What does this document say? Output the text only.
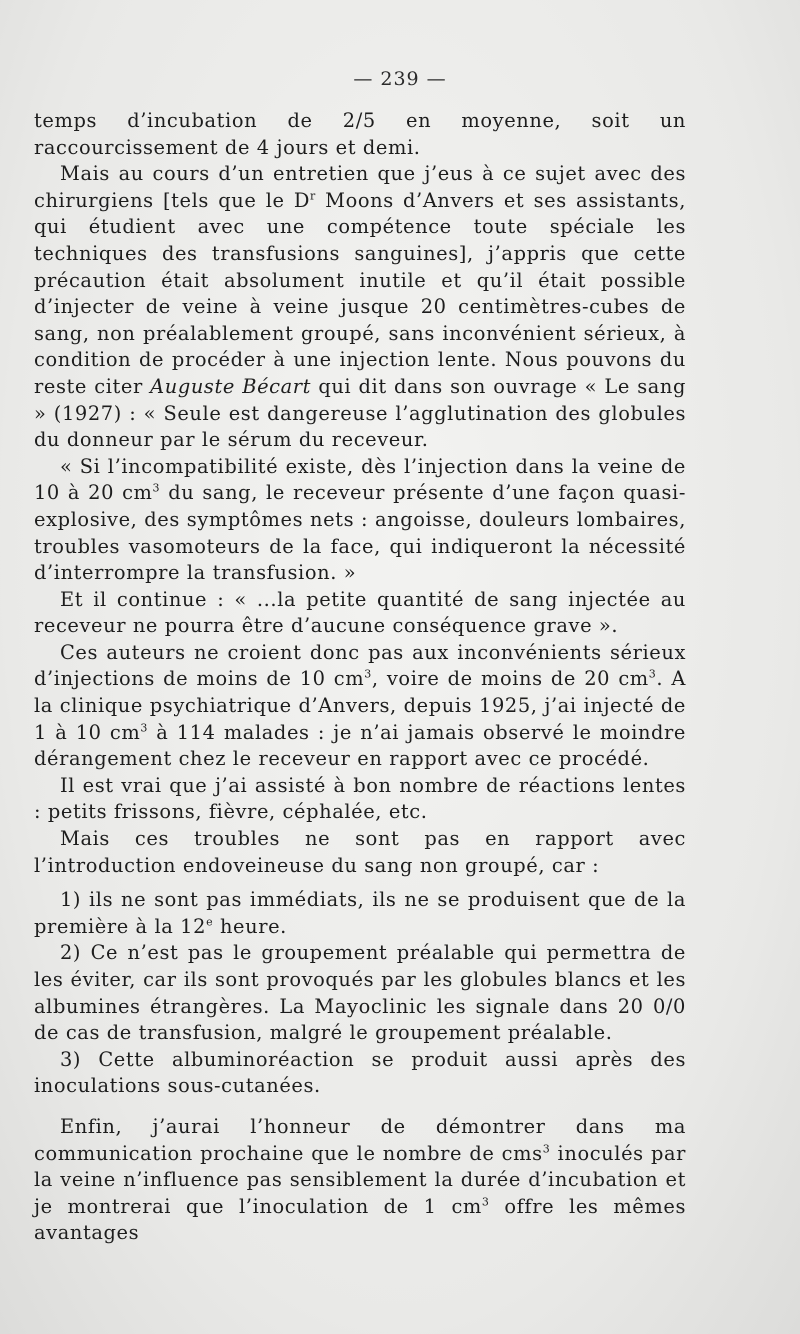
— 239 —

temps d’incubation de 2/5 en moyenne, soit un raccourcissement de 4 jours et demi.

Mais au cours d’un entretien que j’eus à ce sujet avec des chirurgiens [tels que le $D^r$ Moons d’Anvers et ses assistants, qui étudient avec une compétence toute spéciale les techniques des transfusions sanguines], j’appris que cette précaution était absolument inutile et qu’il était possible d’injecter de veine à veine jusque 20 centimètres-cubes de sang, non préalablement groupé, sans inconvénient sérieux, à condition de procéder à une injection lente. Nous pouvons du reste citer Auguste Bécart qui dit dans son ouvrage « Le sang » (1927) : « Seule est dangereuse l’agglutination des globules du donneur par le sérum du receveur.

« Si l’incompatibilité existe, dès l’injection dans la veine de 10 à 20 $cm^3$ du sang, le receveur présente d’une façon quasi-explosive, des symptômes nets : angoisse, douleurs lombaires, troubles vasomoteurs de la face, qui indiqueront la nécessité d’interrompre la transfusion. »

Et il continue : « ...la petite quantité de sang injectée au receveur ne pourra être d’aucune conséquence grave ».

Ces auteurs ne croient donc pas aux inconvénients sérieux d’injections de moins de 10 $cm^3$, voire de moins de 20 $cm^3$. A la clinique psychiatrique d’Anvers, depuis 1925, j’ai injecté de 1 à 10 $cm^3$ à 114 malades : je n’ai jamais observé le moindre dérangement chez le receveur en rapport avec ce procédé.

Il est vrai que j’ai assisté à bon nombre de réactions lentes : petits frissons, fièvre, céphalée, etc.

Mais ces troubles ne sont pas en rapport avec l’introduction endoveineuse du sang non groupé, car :

1) ils ne sont pas immédiats, ils ne se produisent que de la première à la 12e heure.

2) Ce n’est pas le groupement préalable qui permettra de les éviter, car ils sont provoqués par les globules blancs et les albumines étrangères. La Mayoclinic les signale dans 20 0/0 de cas de transfusion, malgré le groupement préalable.

3) Cette albuminoréaction se produit aussi après des inoculations sous-cutanées.

Enfin, j’aurai l’honneur de démontrer dans ma communication prochaine que le nombre de cms$^3$ inoculés par la veine n’influence pas sensiblement la durée d’incubation et je montrerai que l’inoculation de 1 $cm^3$ offre les mêmes avantages
